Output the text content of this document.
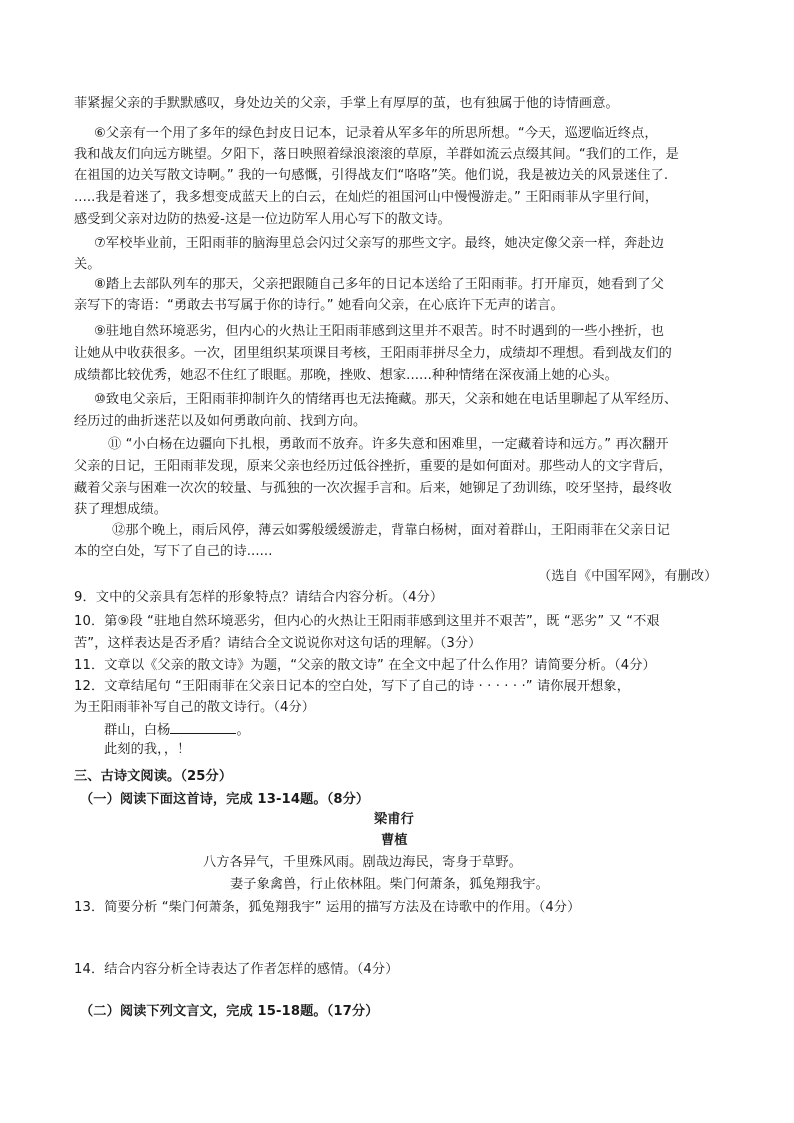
菲紧握父亲的手默默感叹，身处边关的父亲，手掌上有厚厚的茧，也有独属于他的诗情画意。
⑥父亲有一个用了多年的绿色封皮日记本，记录着从军多年的所思所想。“今天，巡逻临近终点，
我和战友们向远方眺望。夕阳下，落日映照着绿浪滚滚的草原，羊群如流云点缀其间。“我们的工作，是
在祖国的边关写散文诗啊。” 我的一句感慨，引得战友们“咯咯”笑。他们说，我是被边关的风景迷住了.
.....我是着迷了，我多想变成蓝天上的白云，在灿烂的祖国河山中慢慢游走。” 王阳雨菲从字里行间，
感受到父亲对边防的热爱-这是一位边防军人用心写下的散文诗。
⑦军校毕业前，王阳雨菲的脑海里总会闪过父亲写的那些文字。最终，她决定像父亲一样，奔赴边
关。
⑧踏上去部队列车的那天，父亲把跟随自己多年的日记本送给了王阳雨菲。打开扉页，她看到了父
亲写下的寄语：“勇敢去书写属于你的诗行。” 她看向父亲，在心底许下无声的诺言。
⑨驻地自然环境恶劣，但内心的火热让王阳雨菲感到这里并不艰苦。时不时遇到的一些小挫折，也
让她从中收获很多。一次，团里组织某项课目考核，王阳雨菲拼尽全力，成绩却不理想。看到战友们的
成绩都比较优秀，她忍不住红了眼眶。那晚，挫败、想家......种种情绪在深夜涌上她的心头。
⑩致电父亲后，王阳雨菲抑制许久的情绪再也无法掩藏。那天，父亲和她在电话里聊起了从军经历、
经历过的曲折迷茫以及如何勇敢向前、找到方向。
⑪ “小白杨在边疆向下扎根，勇敢而不放弃。许多失意和困难里，一定藏着诗和远方。” 再次翻开
父亲的日记，王阳雨菲发现，原来父亲也经历过低谷挫折，重要的是如何面对。那些动人的文字背后，
藏着父亲与困难一次次的较量、与孤独的一次次握手言和。后来，她铆足了劲训练，咬牙坚持，最终收
获了理想成绩。
⑫那个晚上，雨后风停，薄云如雾般缓缓游走，背靠白杨树，面对着群山，王阳雨菲在父亲日记
本的空白处，写下了自己的诗......
（选自《中国军网》，有删改）
9．文中的父亲具有怎样的形象特点？请结合内容分析。（4分）
10．第⑨段 “驻地自然环境恶劣，但内心的火热让王阳雨菲感到这里并不艰苦”，既 “恶劣” 又 “不艰
苦”，这样表达是否矛盾？请结合全文说说你对这句话的理解。（3分）
11．文章以《父亲的散文诗》为题，“父亲的散文诗” 在全文中起了什么作用？请简要分析。（4分）
12．文章结尾句 “王阳雨菲在父亲日记本的空白处，写下了自己的诗 · · · · · ·” 请你展开想象，
为王阳雨菲补写自己的散文诗行。（4分）
群山，白杨	。
此刻的我，，！
三、古诗文阅读。（25分）
（一）阅读下面这首诗，完成 13-14题。（8分）
梁甫行
曹植
八方各异气，千里殊风雨。剧哉边海民，寄身于草野。
妻子象禽兽，行止依林阻。柴门何萧条，狐兔翔我宇。
13．简要分析 “柴门何萧条，狐兔翔我宇” 运用的描写方法及在诗歌中的作用。（4分）
14．结合内容分析全诗表达了作者怎样的感情。（4分）
（二）阅读下列文言文，完成 15-18题。（17分）
